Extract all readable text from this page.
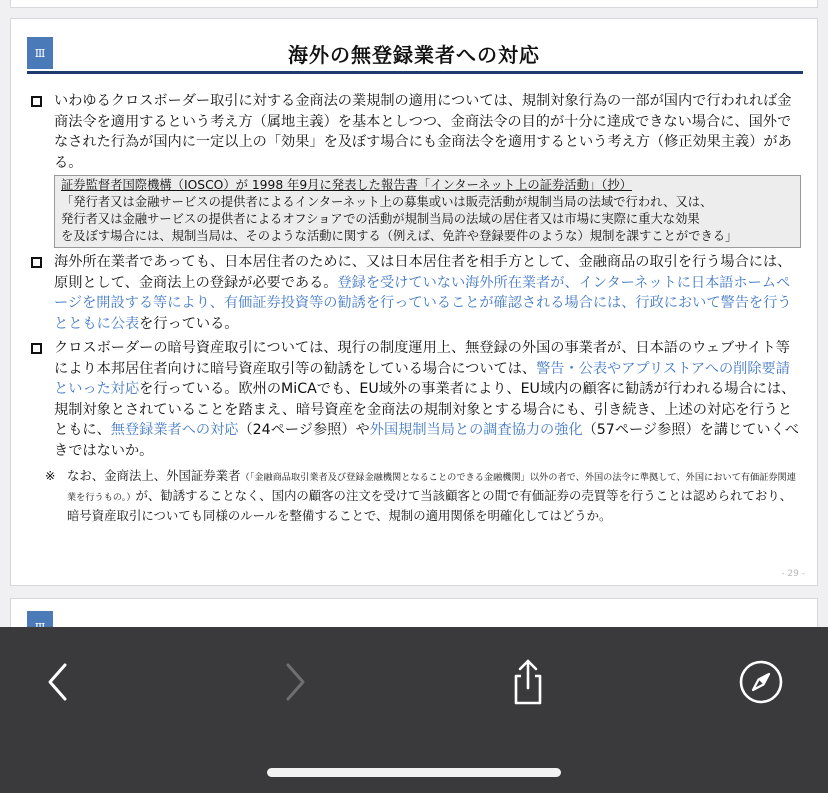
Ⅲ	海外の無登録業者への対応
いわゆるクロスボーダー取引に対する金商法の業規制の適用については、規制対象行為の一部が国内で行われれば金商法令を適用するという考え方（属地主義）を基本としつつ、金商法令の目的が十分に達成できない場合に、国外でなされた行為が国内に一定以上の「効果」を及ぼす場合にも金商法令を適用するという考え方（修正効果主義）がある。
証券監督者国際機構（IOSCO）が 1998 年9月に発表した報告書「インターネット上の証券活動」（抄）
「発行者又は金融サービスの提供者によるインターネット上の募集或いは販売活動が規制当局の法域で行われ、又は、
発行者又は金融サービスの提供者によるオフショアでの活動が規制当局の法域の居住者又は市場に実際に重大な効果
を及ぼす場合には、規制当局は、そのような活動に関する（例えば、免許や登録要件のような）規制を課すことができる」
海外所在業者であっても、日本居住者のために、又は日本居住者を相手方として、金融商品の取引を行う場合には、原則として、金商法上の登録が必要である。登録を受けていない海外所在業者が、インターネットに日本語ホームページを開設する等により、有価証券投資等の勧誘を行っていることが確認される場合には、行政において警告を行うとともに公表を行っている。
クロスボーダーの暗号資産取引については、現行の制度運用上、無登録の外国の事業者が、日本語のウェブサイト等により本邦居住者向けに暗号資産取引等の勧誘をしている場合については、警告・公表やアプリストアへの削除要請といった対応を行っている。欧州のMiCAでも、EU域外の事業者により、EU域内の顧客に勧誘が行われる場合には、規制対象とされていることを踏まえ、暗号資産を金商法の規制対象とする場合にも、引き続き、上述の対応を行うとともに、無登録業者への対応（24ページ参照）や外国規制当局との調査協力の強化（57ページ参照）を講じていくべきではないか。
※ なお、金商法上、外国証券業者（「金融商品取引業者及び登録金融機関となることのできる金融機関」以外の者で、外国の法令に準拠して、外国において有価証券関連業を行うもの。）が、勧誘することなく、国内の顧客の注文を受けて当該顧客との間で有価証券の売買等を行うことは認められており、暗号資産取引についても同様のルールを整備することで、規制の適用関係を明確化してはどうか。
- 29 -
